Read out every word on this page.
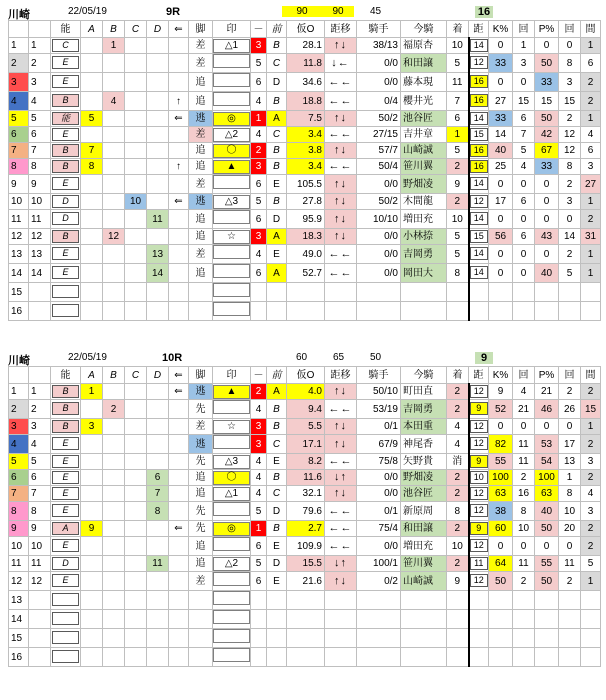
川崎	22/05/19	9R	90	90	45	16
		能	A	B	C	D	⇐	脚	印	－	前	仮O	距移	騎手	今騎	着	距	K%	回	P%	回	間
1	1	C		1				差	△1	3	B	28.1	↑↓	38/13	福原杏	10	14	0	1	0	0	1
2	2	E						差		5	C	11.8	↓←	0/0	和田譲	5	12	33	3	50	8	6
3	3	E						追		6	D	34.6	←←	0/0	藤本現	11	16	0	0	33	3	2
4	4	B		4			↑	追		4	B	18.8	←←	0/4	櫻井光	7	16	27	15	15	15	2
5	5	能	5				⇐	逃	◎	1	A	7.5	↑↓	50/2	池谷匠	6	14	33	6	50	2	1
6	6	E						差	△2	4	C	3.4	←←	27/15	吉井章	1	15	14	7	42	12	4
7	7	B	7					追	〇	2	B	3.8	↑↓	57/7	山崎誠	5	16	40	5	67	12	6
8	8	B	8				↑	追	▲	3	B	3.4	←←	50/4	笹川翼	2	16	25	4	33	8	3
9	9	E						差		6	E	105.5	↑↓	0/0	野畑凌	9	14	0	0	0	2	27
10	10	D			10		⇐	逃	△3	5	B	27.8	↑↓	50/2	木間龍	2	12	17	6	0	3	1
11	11	D				11		追		6	D	95.9	↑↓	10/10	増田充	10	14	0	0	0	0	2
12	12	B		12				追	☆	3	A	18.3	↑↓	0/0	小林捺	5	15	56	6	43	14	31
13	13	E				13		差		4	E	49.0	←←	0/0	吉岡勇	5	14	0	0	0	2	1
14	14	E				14		追		6	A	52.7	←←	0/0	岡田大	8	14	0	0	40	5	1
15																						
16																						
川崎	22/05/19	10R	60	65	50	9
		能	A	B	C	D	⇐	脚	印	－	前	仮O	距移	騎手	今騎	着	距	K%	回	P%	回	間
1	1	B	1				⇐	逃	▲	2	A	4.0	↑↓	50/10	町田直	2	12	9	4	21	2	2
2	2	B		2				先		4	B	9.4	←←	53/19	吉岡勇	2	9	52	21	46	26	15
3	3	B	3					差	☆	3	B	5.5	↑↓	0/1	本田重	4	12	0	0	0	0	1
4	4	E						逃		3	C	17.1	↑↓	67/9	神尾香	4	12	82	11	53	17	2
5	5	E						先	△3	4	E	8.2	←←	75/8	矢野貴	消	9	55	11	54	13	3
6	6	E				6		追	〇	4	B	11.6	↓↑	0/0	野畑凌	2	10	100	2	100	1	2
7	7	E				7		追	△1	4	C	32.1	↑↓	0/0	池谷匠	2	12	63	16	63	8	4
8	8	E				8		先		5	D	79.6	←←	0/1	新原周	8	12	38	8	40	10	3
9	9	A	9				⇐	先	◎	1	B	2.7	←←	75/4	和田譲	2	9	60	10	50	20	2
10	10	E						追		6	E	109.9	←←	0/0	増田充	10	12	0	0	0	0	2
11	11	D				11		追	△2	5	D	15.5	↓↑	100/1	笹川翼	2	11	64	11	55	11	5
12	12	E						差		6	E	21.6	↑↓	0/2	山崎誠	9	12	50	2	50	2	1
13																						
14																						
15																						
16																						
